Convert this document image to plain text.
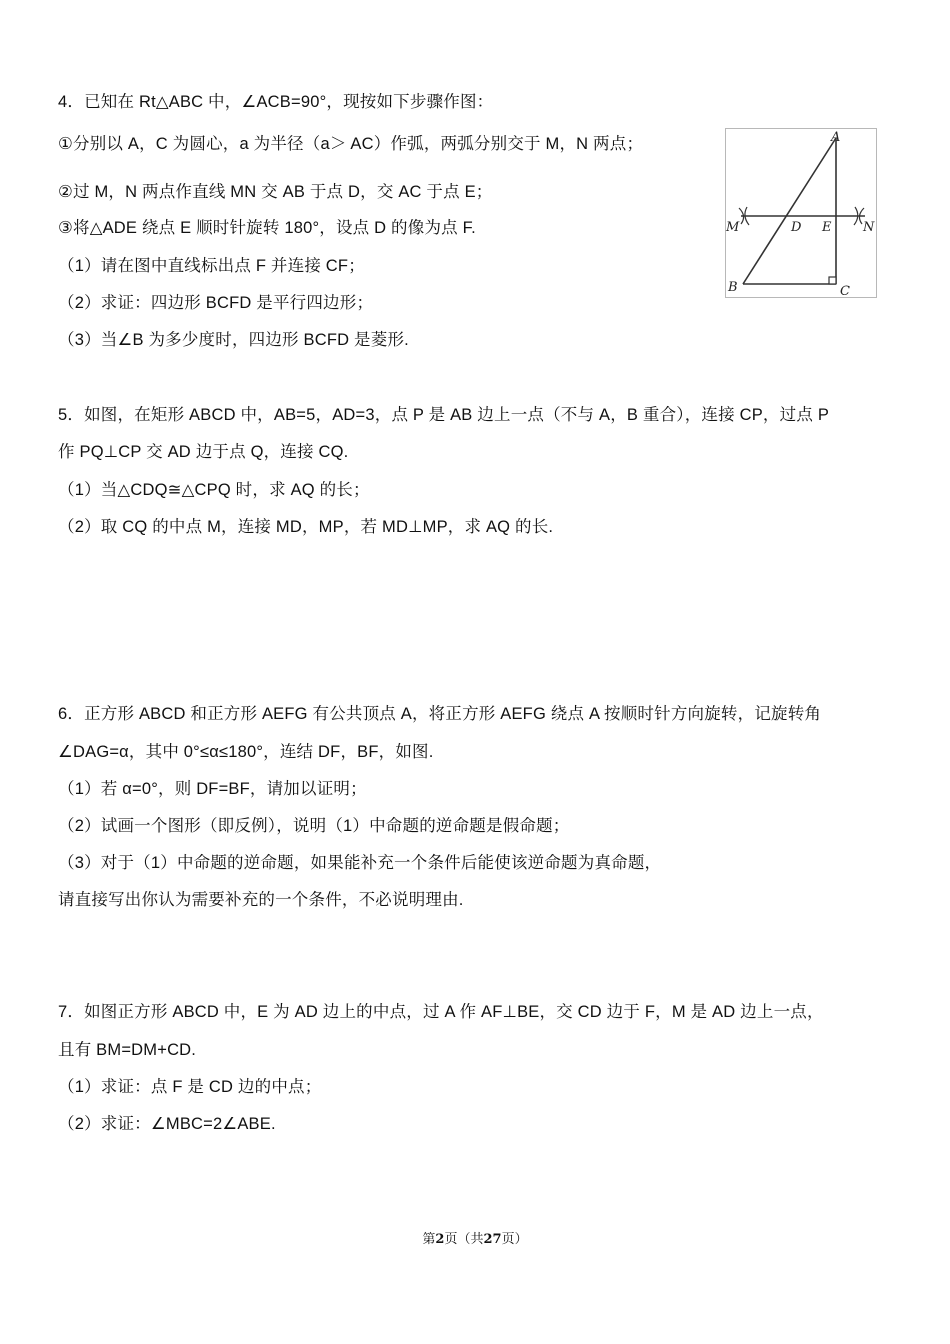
4．已知在 Rt△ABC 中，∠ACB=90°，现按如下步骤作图：
①分别以 A，C 为圆心，a 为半径（a＞ AC）作弧，两弧分别交于 M，N 两点；
②过 M，N 两点作直线 MN 交 AB 于点 D，交 AC 于点 E；
③将△ADE 绕点 E 顺时针旋转 180°，设点 D 的像为点 F.
（1）请在图中直线标出点 F 并连接 CF；
（2）求证：四边形 BCFD 是平行四边形；
（3）当∠B 为多少度时，四边形 BCFD 是菱形.
A
B	C
D E
M	N
5．如图，在矩形 ABCD 中，AB=5，AD=3，点 P 是 AB 边上一点（不与 A，B 重合），连接 CP，过点 P
作 PQ⊥CP 交 AD 边于点 Q，连接 CQ.
（1）当△CDQ≅△CPQ 时，求 AQ 的长；
（2）取 CQ 的中点 M，连接 MD，MP，若 MD⊥MP，求 AQ 的长.
6．正方形 ABCD 和正方形 AEFG 有公共顶点 A，将正方形 AEFG 绕点 A 按顺时针方向旋转，记旋转角
∠DAG=α，其中 0°≤α≤180°，连结 DF，BF，如图.
（1）若 α=0°，则 DF=BF，请加以证明；
（2）试画一个图形（即反例），说明（1）中命题的逆命题是假命题；
（3）对于（1）中命题的逆命题，如果能补充一个条件后能使该逆命题为真命题，
请直接写出你认为需要补充的一个条件，不必说明理由.
7．如图正方形 ABCD 中，E 为 AD 边上的中点，过 A 作 AF⊥BE，交 CD 边于 F，M 是 AD 边上一点，
且有 BM=DM+CD.
（1）求证：点 F 是 CD 边的中点；
（2）求证：∠MBC=2∠ABE.
第2页（共27页）
